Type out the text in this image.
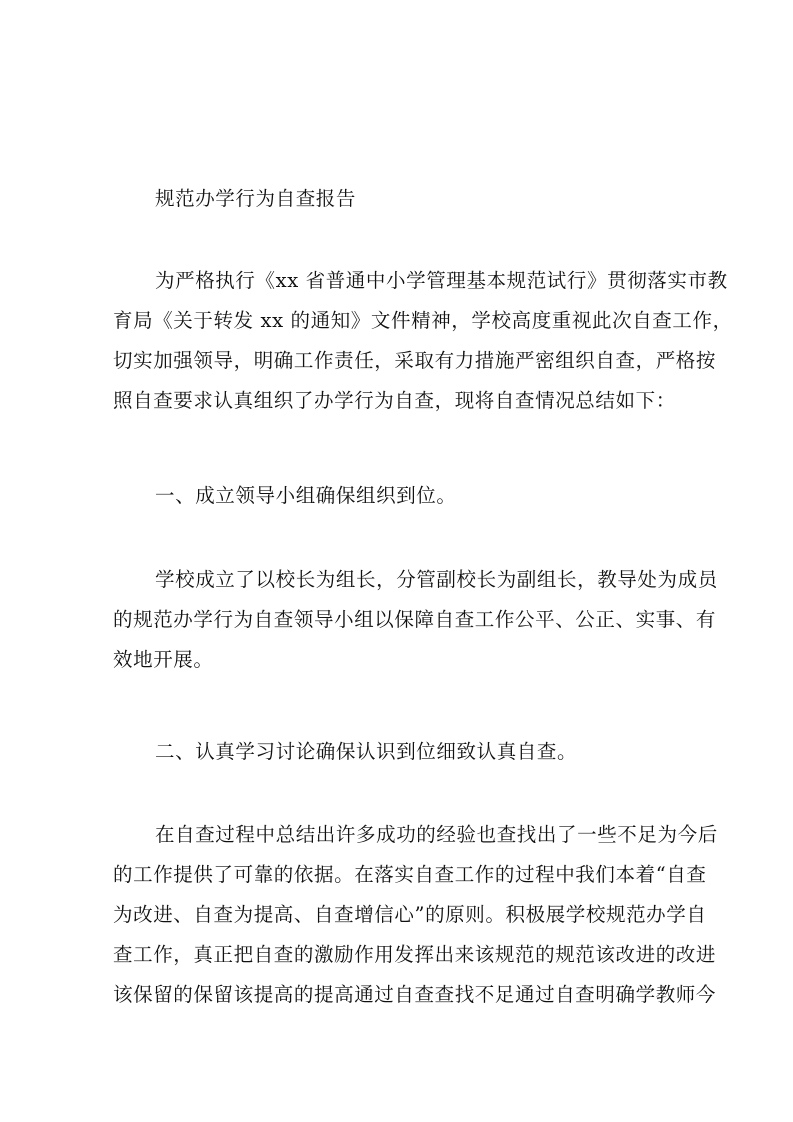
规范办学行为自查报告
为严格执行《xx 省普通中小学管理基本规范试行》贯彻落实市教
育局《关于转发 xx 的通知》文件精神，学校高度重视此次自查工作，
切实加强领导，明确工作责任，采取有力措施严密组织自查，严格按
照自查要求认真组织了办学行为自查，现将自查情况总结如下：
一、成立领导小组确保组织到位。
学校成立了以校长为组长，分管副校长为副组长，教导处为成员
的规范办学行为自查领导小组以保障自查工作公平、公正、实事、有
效地开展。
二、认真学习讨论确保认识到位细致认真自查。
在自查过程中总结出许多成功的经验也查找出了一些不足为今后
的工作提供了可靠的依据。在落实自查工作的过程中我们本着“自查
为改进、自查为提高、自查增信心”的原则。积极展学校规范办学自
查工作，真正把自查的激励作用发挥出来该规范的规范该改进的改进
该保留的保留该提高的提高通过自查查找不足通过自查明确学教师今
